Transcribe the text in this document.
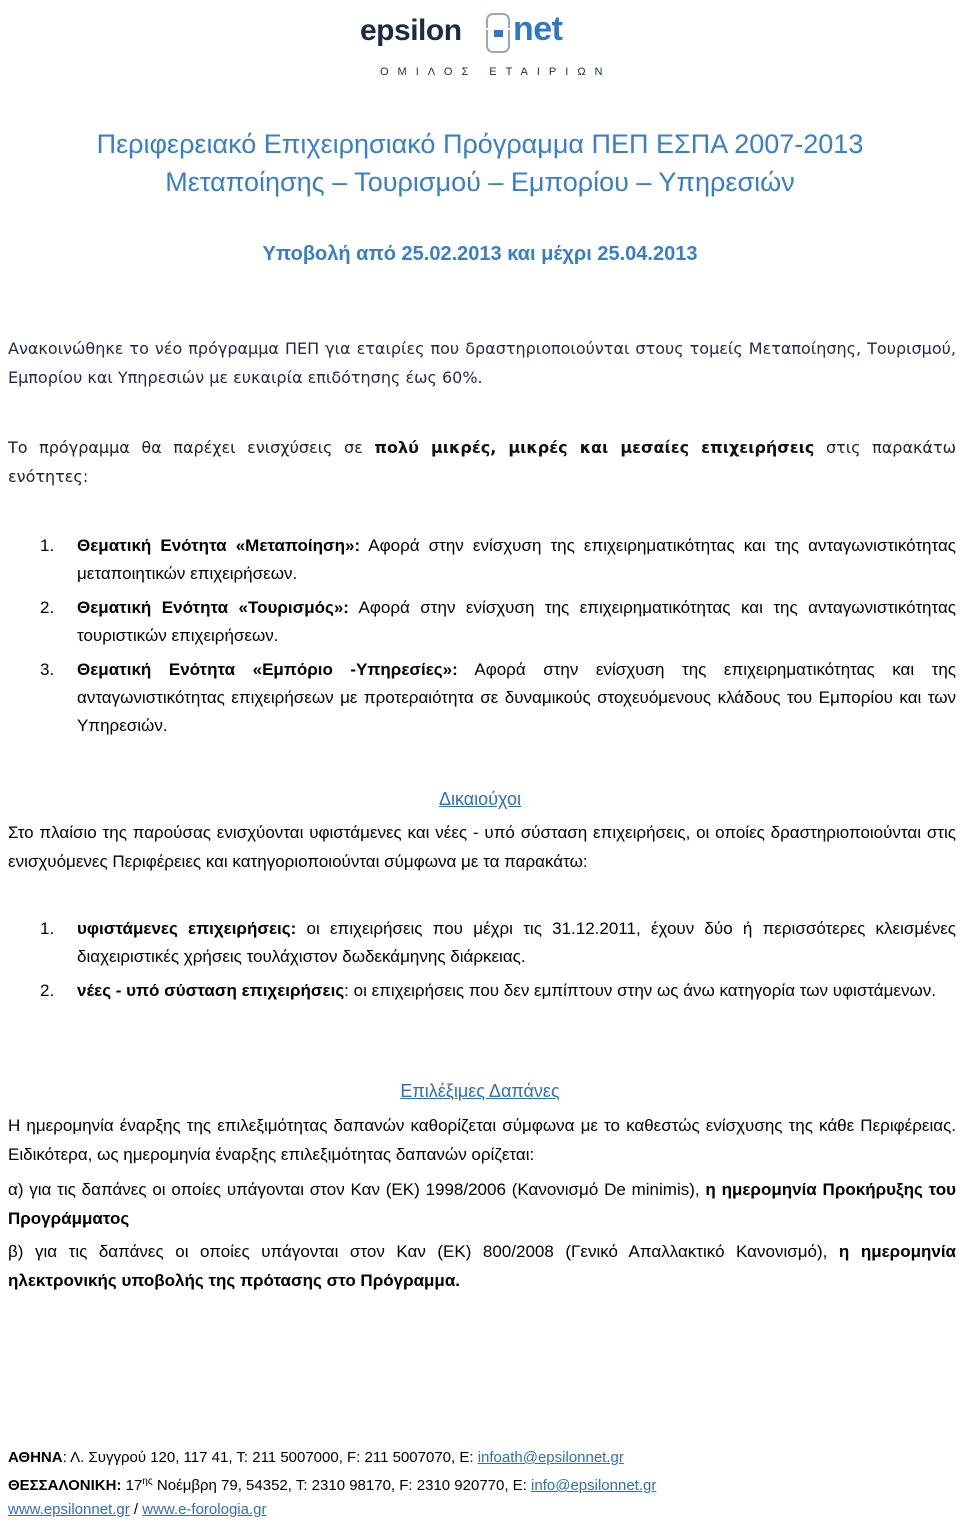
epsilon net
ΟΜΙΛΟΣ ΕΤΑΙΡΙΩΝ
Περιφερειακό Επιχειρησιακό Πρόγραμμα ΠΕΠ ΕΣΠΑ 2007-2013
Μεταποίησης – Τουρισμού – Εμπορίου – Υπηρεσιών
Υποβολή από 25.02.2013 και μέχρι 25.04.2013
Ανακοινώθηκε το νέο πρόγραμμα ΠΕΠ για εταιρίες που δραστηριοποιούνται στους τομείς Μεταποίησης, Τουρισμού, Εμπορίου και Υπηρεσιών με ευκαιρία επιδότησης έως 60%.
Το πρόγραμμα θα παρέχει ενισχύσεις σε πολύ μικρές, μικρές και μεσαίες επιχειρήσεις στις παρακάτω ενότητες:
1. Θεματική Ενότητα «Μεταποίηση»: Αφορά στην ενίσχυση της επιχειρηματικότητας και της ανταγωνιστικότητας μεταποιητικών επιχειρήσεων.
2. Θεματική Ενότητα «Τουρισμός»: Αφορά στην ενίσχυση της επιχειρηματικότητας και της ανταγωνιστικότητας τουριστικών επιχειρήσεων.
3. Θεματική Ενότητα «Εμπόριο -Υπηρεσίες»: Αφορά στην ενίσχυση της επιχειρηματικότητας και της ανταγωνιστικότητας επιχειρήσεων με προτεραιότητα σε δυναμικούς στοχευόμενους κλάδους του Εμπορίου και των Υπηρεσιών.
Δικαιούχοι
Στο πλαίσιο της παρούσας ενισχύονται υφιστάμενες και νέες - υπό σύσταση επιχειρήσεις, οι οποίες δραστηριοποιούνται στις ενισχυόμενες Περιφέρειες και κατηγοριοποιούνται σύμφωνα με τα παρακάτω:
1. υφιστάμενες επιχειρήσεις: οι επιχειρήσεις που μέχρι τις 31.12.2011, έχουν δύο ή περισσότερες κλεισμένες διαχειριστικές χρήσεις τουλάχιστον δωδεκάμηνης διάρκειας.
2. νέες - υπό σύσταση επιχειρήσεις: οι επιχειρήσεις που δεν εμπίπτουν στην ως άνω κατηγορία των υφιστάμενων.
Επιλέξιμες Δαπάνες
Η ημερομηνία έναρξης της επιλεξιμότητας δαπανών καθορίζεται σύμφωνα με το καθεστώς ενίσχυσης της κάθε Περιφέρειας. Ειδικότερα, ως ημερομηνία έναρξης επιλεξιμότητας δαπανών ορίζεται:
α) για τις δαπάνες οι οποίες υπάγονται στον Καν (ΕΚ) 1998/2006 (Κανονισμό De minimis), η ημερομηνία Προκήρυξης του Προγράμματος
β) για τις δαπάνες οι οποίες υπάγονται στον Καν (ΕΚ) 800/2008 (Γενικό Απαλλακτικό Κανονισμό), η ημερομηνία ηλεκτρονικής υποβολής της πρότασης στο Πρόγραμμα.
ΑΘΗΝΑ: Λ. Συγγρού 120, 117 41, Τ: 211 5007000, F: 211 5007070, E: infoath@epsilonnet.gr
ΘΕΣΣΑΛΟΝΙΚΗ: $17^{\eta\varsigma}$ Νοέμβρη 79, 54352, Τ: 2310 98170, F: 2310 920770, E: info@epsilonnet.gr
www.epsilonnet.gr / www.e-forologia.gr
